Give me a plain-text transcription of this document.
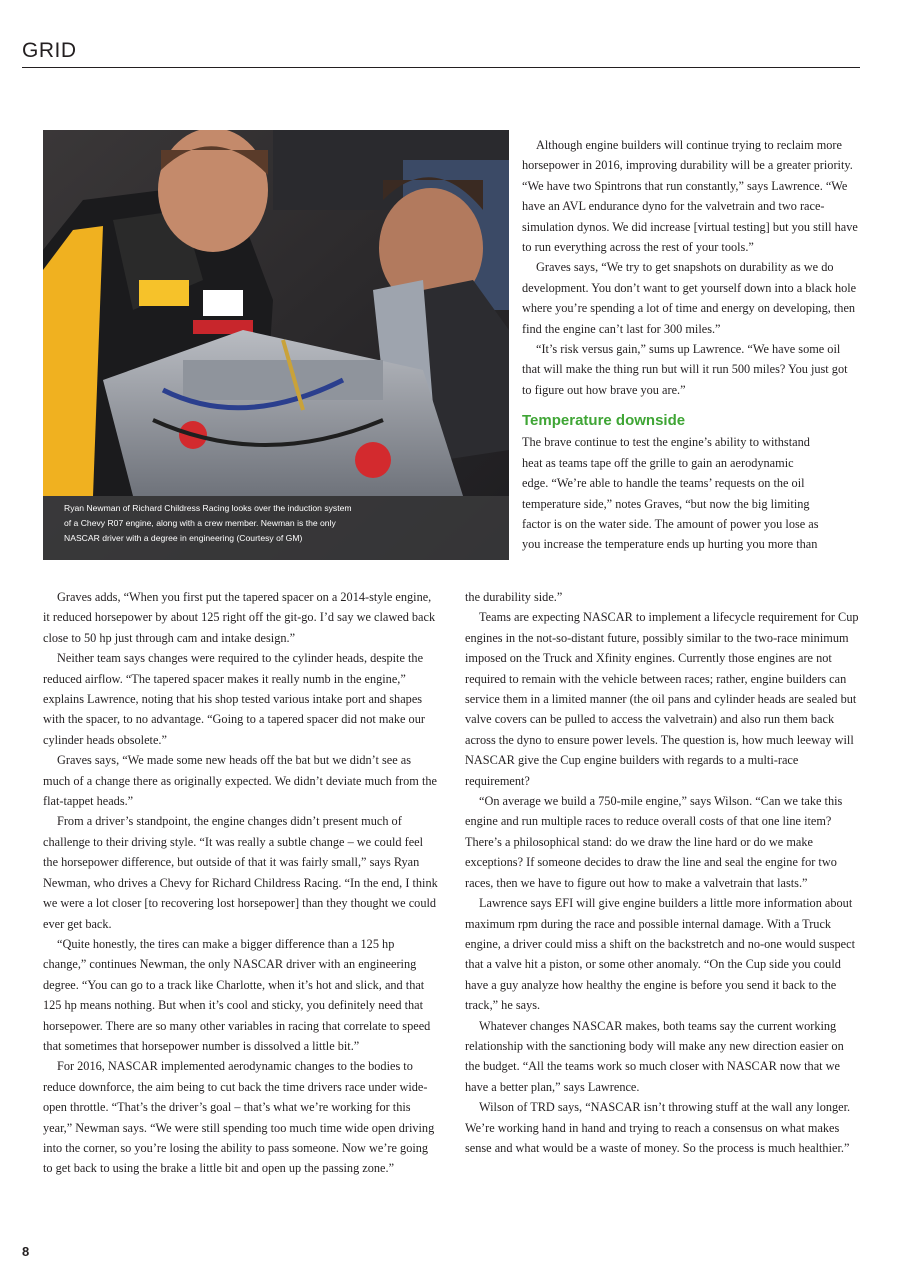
GRID
Ryan Newman of Richard Childress Racing looks over the induction system
of a Chevy R07 engine, along with a crew member. Newman is the only
NASCAR driver with a degree in engineering (Courtesy of GM)

Although engine builders will continue trying to reclaim more horsepower in 2016, improving durability will be a greater priority. “We have two Spintrons that run constantly,” says Lawrence. “We have an AVL endurance dyno for the valvetrain and two race-simulation dynos. We did increase [virtual testing] but you still have to run everything across the rest of your tools.”

Graves says, “We try to get snapshots on durability as we do development. You don’t want to get yourself down into a black hole where you’re spending a lot of time and energy on developing, then find the engine can’t last for 300 miles.”

“It’s risk versus gain,” sums up Lawrence. “We have some oil that will make the thing run but will it run 500 miles? You just got to figure out how brave you are.”

Temperature downside
The brave continue to test the engine’s ability to withstand
heat as teams tape off the grille to gain an aerodynamic
edge. “We’re able to handle the teams’ requests on the oil
temperature side,” notes Graves, “but now the big limiting
factor is on the water side. The amount of power you lose as
you increase the temperature ends up hurting you more than

Graves adds, “When you first put the tapered spacer on a 2014-style engine, it reduced horsepower by about 125 right off the git-go. I’d say we clawed back close to 50 hp just through cam and intake design.”

Neither team says changes were required to the cylinder heads, despite the reduced airflow. “The tapered spacer makes it really numb in the engine,” explains Lawrence, noting that his shop tested various intake port and shapes with the spacer, to no advantage. “Going to a tapered spacer did not make our cylinder heads obsolete.”

Graves says, “We made some new heads off the bat but we didn’t see as much of a change there as originally expected. We didn’t deviate much from the flat-tappet heads.”

From a driver’s standpoint, the engine changes didn’t present much of challenge to their driving style. “It was really a subtle change – we could feel the horsepower difference, but outside of that it was fairly small,” says Ryan Newman, who drives a Chevy for Richard Childress Racing. “In the end, I think we were a lot closer [to recovering lost horsepower] than they thought we could ever get back.

“Quite honestly, the tires can make a bigger difference than a 125 hp change,” continues Newman, the only NASCAR driver with an engineering degree. “You can go to a track like Charlotte, when it’s hot and slick, and that 125 hp means nothing. But when it’s cool and sticky, you definitely need that horsepower. There are so many other variables in racing that correlate to speed that sometimes that horsepower number is dissolved a little bit.”

For 2016, NASCAR implemented aerodynamic changes to the bodies to reduce downforce, the aim being to cut back the time drivers race under wide-open throttle. “That’s the driver’s goal – that’s what we’re working for this year,” Newman says. “We were still spending too much time wide open driving into the corner, so you’re losing the ability to pass someone. Now we’re going to get back to using the brake a little bit and open up the passing zone.”

the durability side.”

Teams are expecting NASCAR to implement a lifecycle requirement for Cup engines in the not-so-distant future, possibly similar to the two-race minimum imposed on the Truck and Xfinity engines. Currently those engines are not required to remain with the vehicle between races; rather, engine builders can service them in a limited manner (the oil pans and cylinder heads are sealed but valve covers can be pulled to access the valvetrain) and also run them back across the dyno to ensure power levels. The question is, how much leeway will NASCAR give the Cup engine builders with regards to a multi-race requirement?

“On average we build a 750-mile engine,” says Wilson. “Can we take this engine and run multiple races to reduce overall costs of that one line item? There’s a philosophical stand: do we draw the line hard or do we make exceptions? If someone decides to draw the line and seal the engine for two races, then we have to figure out how to make a valvetrain that lasts.”

Lawrence says EFI will give engine builders a little more information about maximum rpm during the race and possible internal damage. With a Truck engine, a driver could miss a shift on the backstretch and no-one would suspect that a valve hit a piston, or some other anomaly. “On the Cup side you could have a guy analyze how healthy the engine is before you send it back to the track,” he says.

Whatever changes NASCAR makes, both teams say the current working relationship with the sanctioning body will make any new direction easier on the budget. “All the teams work so much closer with NASCAR now that we have a better plan,” says Lawrence.

Wilson of TRD says, “NASCAR isn’t throwing stuff at the wall any longer. We’re working hand in hand and trying to reach a consensus on what makes sense and what would be a waste of money. So the process is much healthier.”

8
